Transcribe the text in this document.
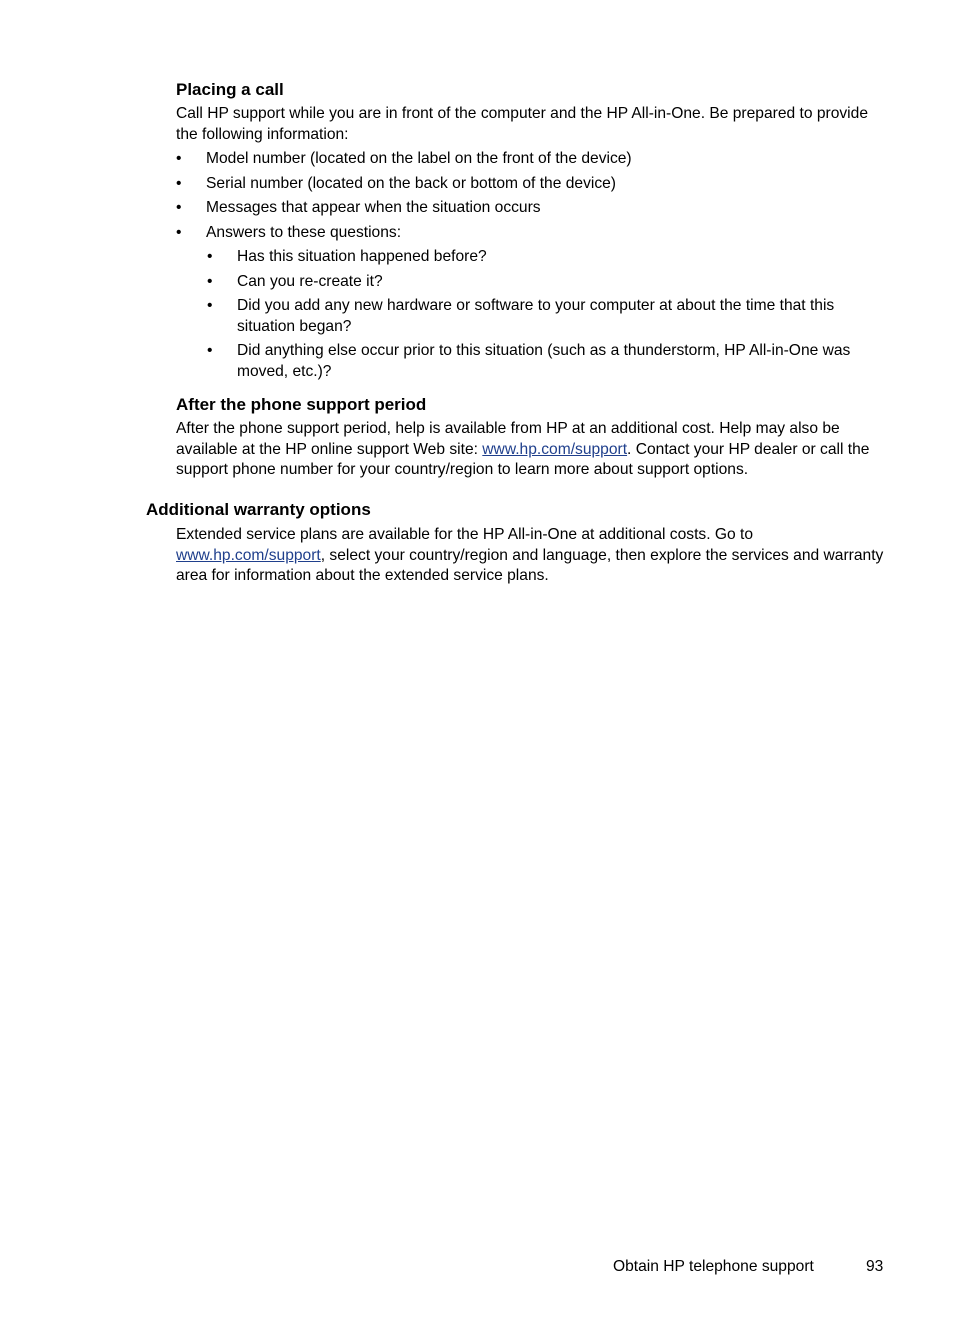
Placing a call

Call HP support while you are in front of the computer and the HP All-in-One. Be prepared to provide the following information:

• Model number (located on the label on the front of the device)
• Serial number (located on the back or bottom of the device)
• Messages that appear when the situation occurs
• Answers to these questions:
• Has this situation happened before?
• Can you re-create it?
• Did you add any new hardware or software to your computer at about the time that this situation began?
• Did anything else occur prior to this situation (such as a thunderstorm, HP All-in-One was moved, etc.)?
After the phone support period

After the phone support period, help is available from HP at an additional cost. Help may also be available at the HP online support Web site: www.hp.com/support. Contact your HP dealer or call the support phone number for your country/region to learn more about support options.

Additional warranty options

Extended service plans are available for the HP All-in-One at additional costs. Go to www.hp.com/support, select your country/region and language, then explore the services and warranty area for information about the extended service plans.

Obtain HP telephone support	93
